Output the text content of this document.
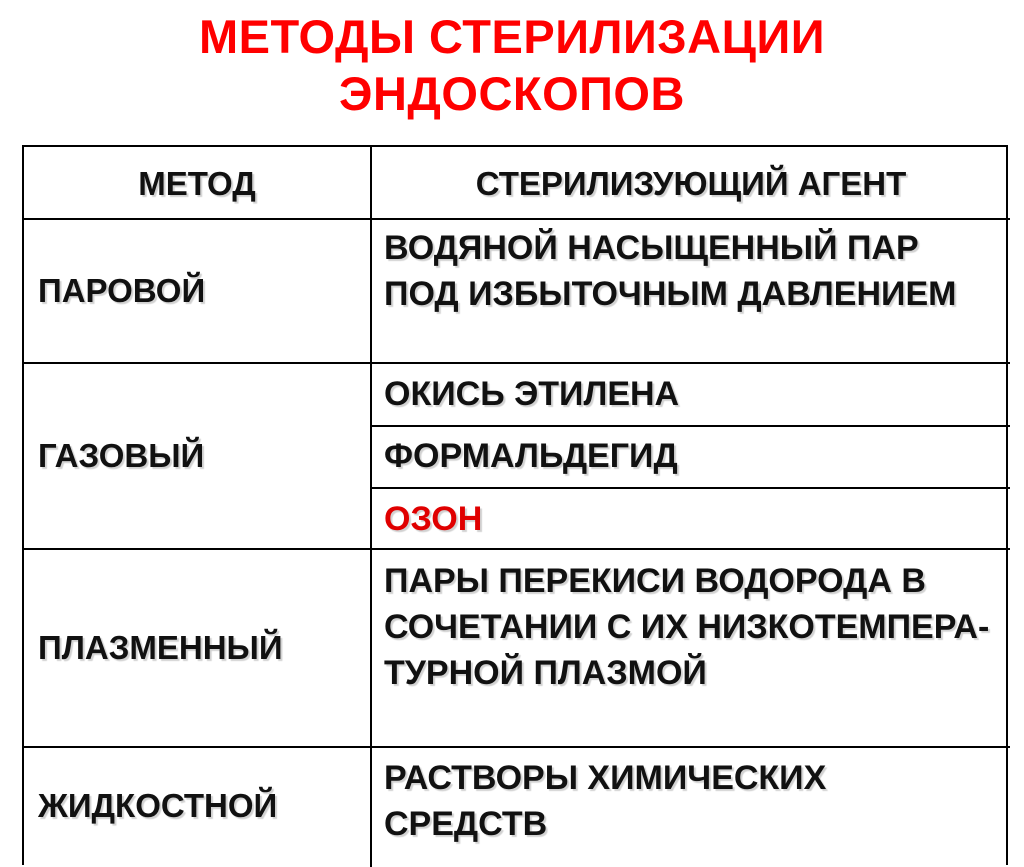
МЕТОДЫ СТЕРИЛИЗАЦИИ
ЭНДОСКОПОВ
МЕТОД	СТЕРИЛИЗУЮЩИЙ АГЕНТ
ПАРОВОЙ
ВОДЯНОЙ НАСЫЩЕННЫЙ ПАР ПОД ИЗБЫТОЧНЫМ ДАВЛЕНИЕМ
ГАЗОВЫЙ
ОКИСЬ ЭТИЛЕНА
ФОРМАЛЬДЕГИД
ОЗОН
ПЛАЗМЕННЫЙ
ПАРЫ ПЕРЕКИСИ ВОДОРОДА В СОЧЕТАНИИ С ИХ НИЗКОТЕМПЕРА-ТУРНОЙ ПЛАЗМОЙ
ЖИДКОСТНОЙ
РАСТВОРЫ ХИМИЧЕСКИХ СРЕДСТВ
